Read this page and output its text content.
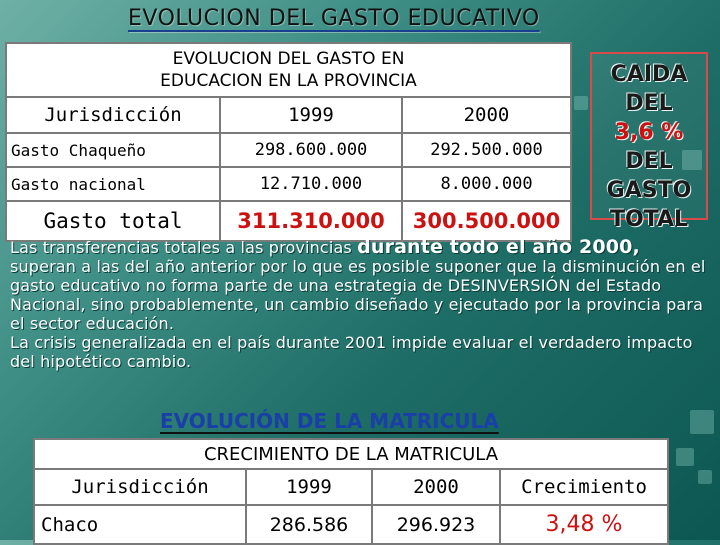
EVOLUCION DEL GASTO EDUCATIVO
EVOLUCION DEL GASTO EN
EDUCACION EN LA PROVINCIA		
Jurisdicción	1999	2000
Gasto Chaqueño	298.600.000	292.500.000
Gasto nacional	12.710.000	8.000.000
Gasto total	311.310.000	300.500.000
CAIDA
DEL
3,6 %
DEL
GASTO
TOTAL
Las transferencias totales a las provincias durante todo el año 2000, superan a las del año anterior por lo que es posible suponer que la disminución en el gasto educativo no forma parte de una estrategia de DESINVERSIÓN del Estado Nacional, sino probablemente, un cambio diseñado y ejecutado por la provincia para el sector educación.
La crisis generalizada en el país durante 2001 impide evaluar el verdadero impacto del hipotético cambio.
EVOLUCIÓN DE LA MATRICULA
CRECIMIENTO DE LA MATRICULA			
Jurisdicción	1999	2000	Crecimiento
Chaco	286.586	296.923	3,48 %
